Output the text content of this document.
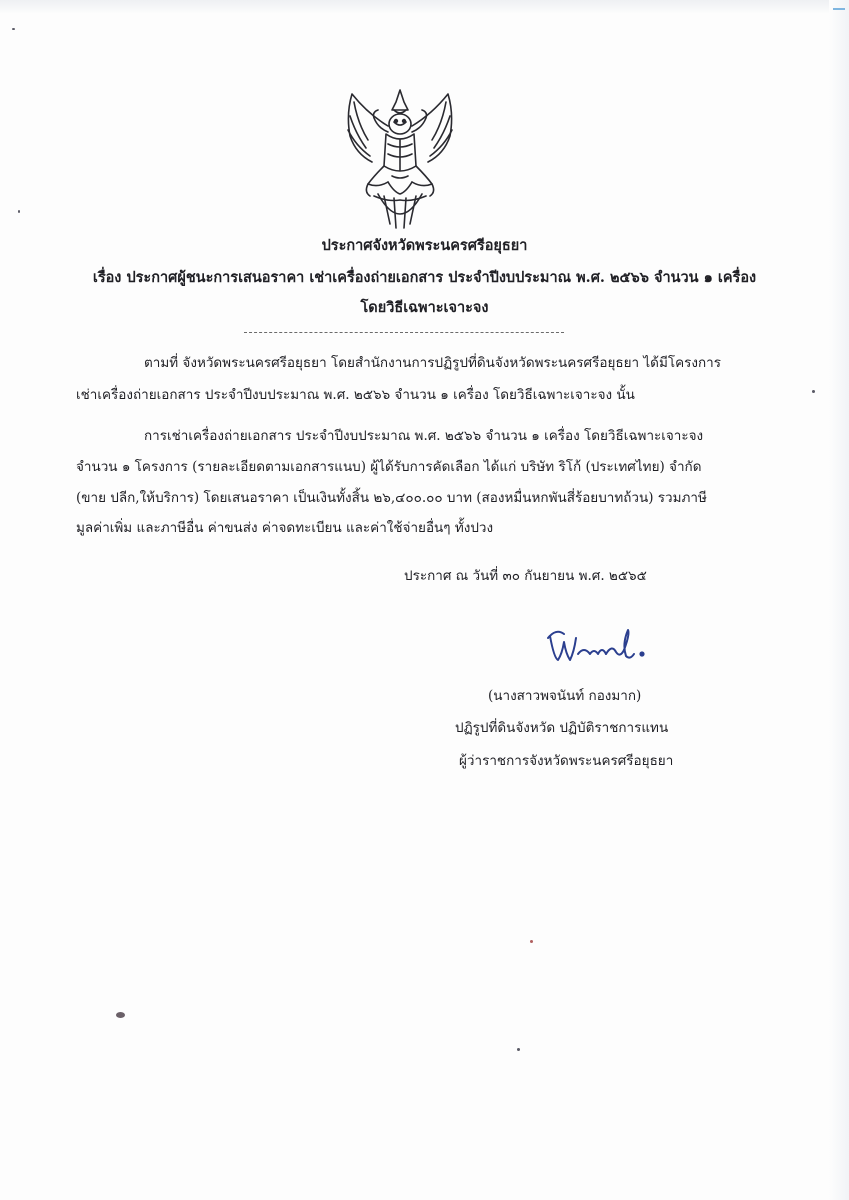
ประกาศจังหวัดพระนครศรีอยุธยา
เรื่อง ประกาศผู้ชนะการเสนอราคา เช่าเครื่องถ่ายเอกสาร ประจำปีงบประมาณ พ.ศ. ๒๕๖๖ จำนวน ๑ เครื่อง
โดยวิธีเฉพาะเจาะจง
ตามที่ จังหวัดพระนครศรีอยุธยา โดยสำนักงานการปฏิรูปที่ดินจังหวัดพระนครศรีอยุธยา ได้มีโครงการ
เช่าเครื่องถ่ายเอกสาร ประจำปีงบประมาณ พ.ศ. ๒๕๖๖ จำนวน ๑ เครื่อง โดยวิธีเฉพาะเจาะจง นั้น
การเช่าเครื่องถ่ายเอกสาร ประจำปีงบประมาณ พ.ศ. ๒๕๖๖ จำนวน ๑ เครื่อง โดยวิธีเฉพาะเจาะจง
จำนวน ๑ โครงการ (รายละเอียดตามเอกสารแนบ) ผู้ได้รับการคัดเลือก ได้แก่ บริษัท ริโก้ (ประเทศไทย) จำกัด
(ขาย ปลีก,ให้บริการ) โดยเสนอราคา เป็นเงินทั้งสิ้น ๒๖,๔๐๐.๐๐ บาท (สองหมื่นหกพันสี่ร้อยบาทถ้วน) รวมภาษี
มูลค่าเพิ่ม และภาษีอื่น ค่าขนส่ง ค่าจดทะเบียน และค่าใช้จ่ายอื่นๆ ทั้งปวง
ประกาศ ณ วันที่ ๓๐ กันยายน พ.ศ. ๒๕๖๕
(นางสาวพจนันท์ กองมาก)
ปฏิรูปที่ดินจังหวัด ปฏิบัติราชการแทน
ผู้ว่าราชการจังหวัดพระนครศรีอยุธยา
